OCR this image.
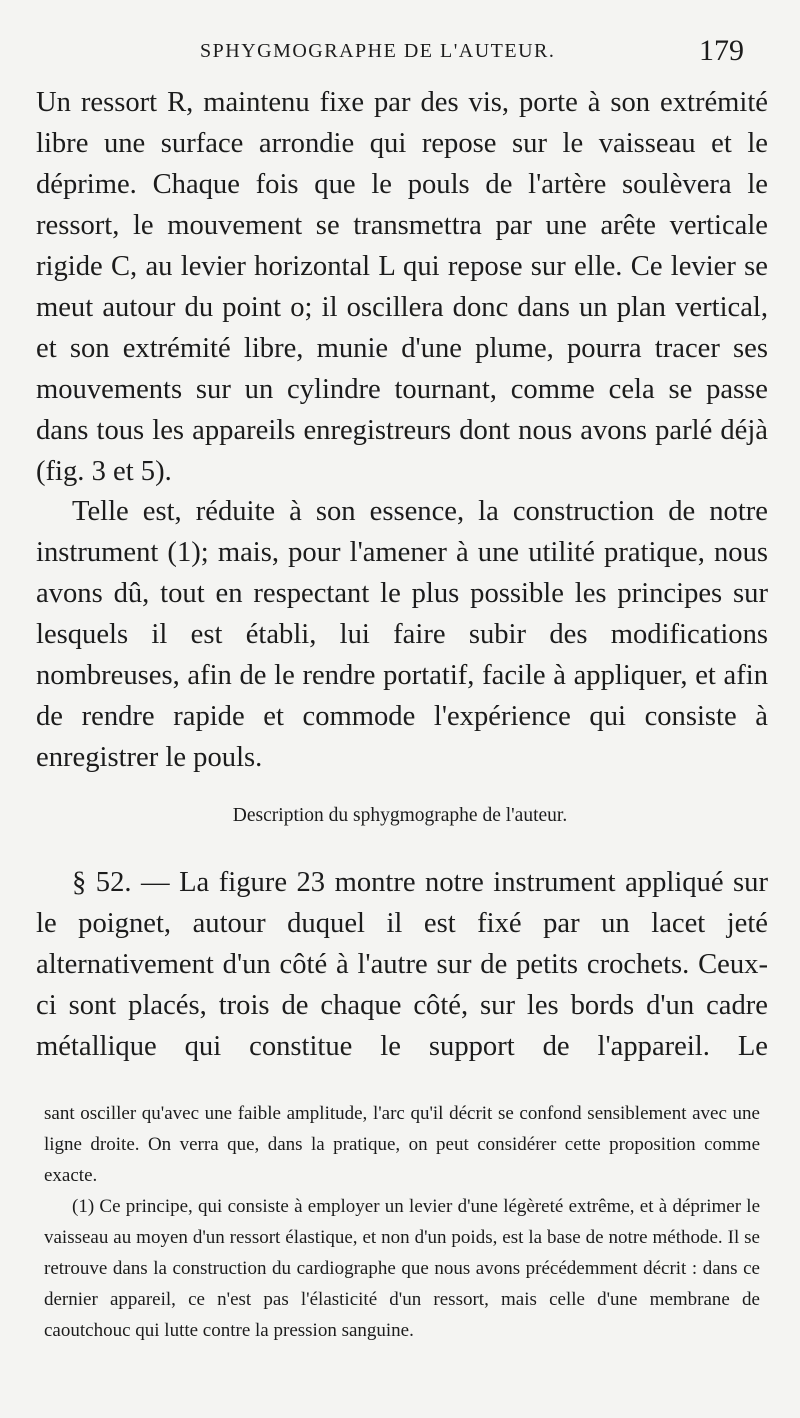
SPHYGMOGRAPHE DE L'AUTEUR.	179

Un ressort R, maintenu fixe par des vis, porte à son extrémité libre une surface arrondie qui repose sur le vaisseau et le déprime. Chaque fois que le pouls de l'artère soulèvera le ressort, le mouvement se transmettra par une arête verticale rigide C, au levier horizontal L qui repose sur elle. Ce levier se meut autour du point o; il oscillera donc dans un plan vertical, et son extrémité libre, munie d'une plume, pourra tracer ses mouvements sur un cylindre tournant, comme cela se passe dans tous les appareils enregistreurs dont nous avons parlé déjà (fig. 3 et 5).

Telle est, réduite à son essence, la construction de notre instrument (1); mais, pour l'amener à une utilité pratique, nous avons dû, tout en respectant le plus possible les principes sur lesquels il est établi, lui faire subir des modifications nombreuses, afin de le rendre portatif, facile à appliquer, et afin de rendre rapide et commode l'expérience qui consiste à enregistrer le pouls.

Description du sphygmographe de l'auteur.

§ 52. — La figure 23 montre notre instrument appliqué sur le poignet, autour duquel il est fixé par un lacet jeté alternativement d'un côté à l'autre sur de petits crochets. Ceux-ci sont placés, trois de chaque côté, sur les bords d'un cadre métallique qui constitue le support de l'appareil. Le

sant osciller qu'avec une faible amplitude, l'arc qu'il décrit se confond sensiblement avec une ligne droite. On verra que, dans la pratique, on peut considérer cette proposition comme exacte.

(1) Ce principe, qui consiste à employer un levier d'une légèreté extrême, et à déprimer le vaisseau au moyen d'un ressort élastique, et non d'un poids, est la base de notre méthode. Il se retrouve dans la construction du cardiographe que nous avons précédemment décrit : dans ce dernier appareil, ce n'est pas l'élasticité d'un ressort, mais celle d'une membrane de caoutchouc qui lutte contre la pression sanguine.
